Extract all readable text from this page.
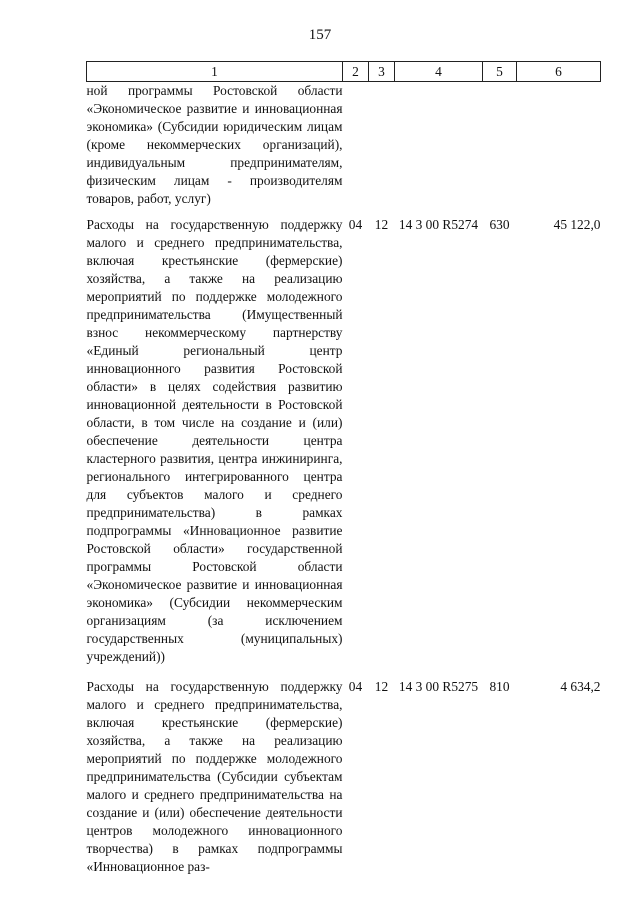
157
1	2	3	4	5	6
ной программы Ростовской области «Экономическое развитие и инновационная экономика» (Субсидии юридическим лицам (кроме некоммерческих организаций), индивидуальным предпринимателям, физическим лицам - производителям товаров, работ, услуг)					
Расходы на государственную поддержку малого и среднего предпринимательства, включая крестьянские (фермерские) хозяйства, а также на реализацию мероприятий по поддержке молодежного предпринимательства (Имущественный взнос некоммерческому партнерству «Единый региональный центр инновационного развития Ростовской области» в целях содействия развитию инновационной деятельности в Ростовской области, в том числе на создание и (или) обеспечение деятельности центра кластерного развития, центра инжиниринга, регионального интегрированного центра для субъектов малого и среднего предпринимательства) в рамках подпрограммы «Инновационное развитие Ростовской области» государственной программы Ростовской области «Экономическое развитие и инновационная экономика» (Субсидии некоммерческим организациям (за исключением государственных (муниципальных) учреждений))	04	12	14 3 00 R5274	630	45 122,0
Расходы на государственную поддержку малого и среднего предпринимательства, включая крестьянские (фермерские) хозяйства, а также на реализацию мероприятий по поддержке молодежного предпринимательства (Субсидии субъектам малого и среднего предпринимательства на создание и (или) обеспечение деятельности центров молодежного инновационного творчества) в рамках подпрограммы «Инновационное раз-	04	12	14 3 00 R5275	810	4 634,2
